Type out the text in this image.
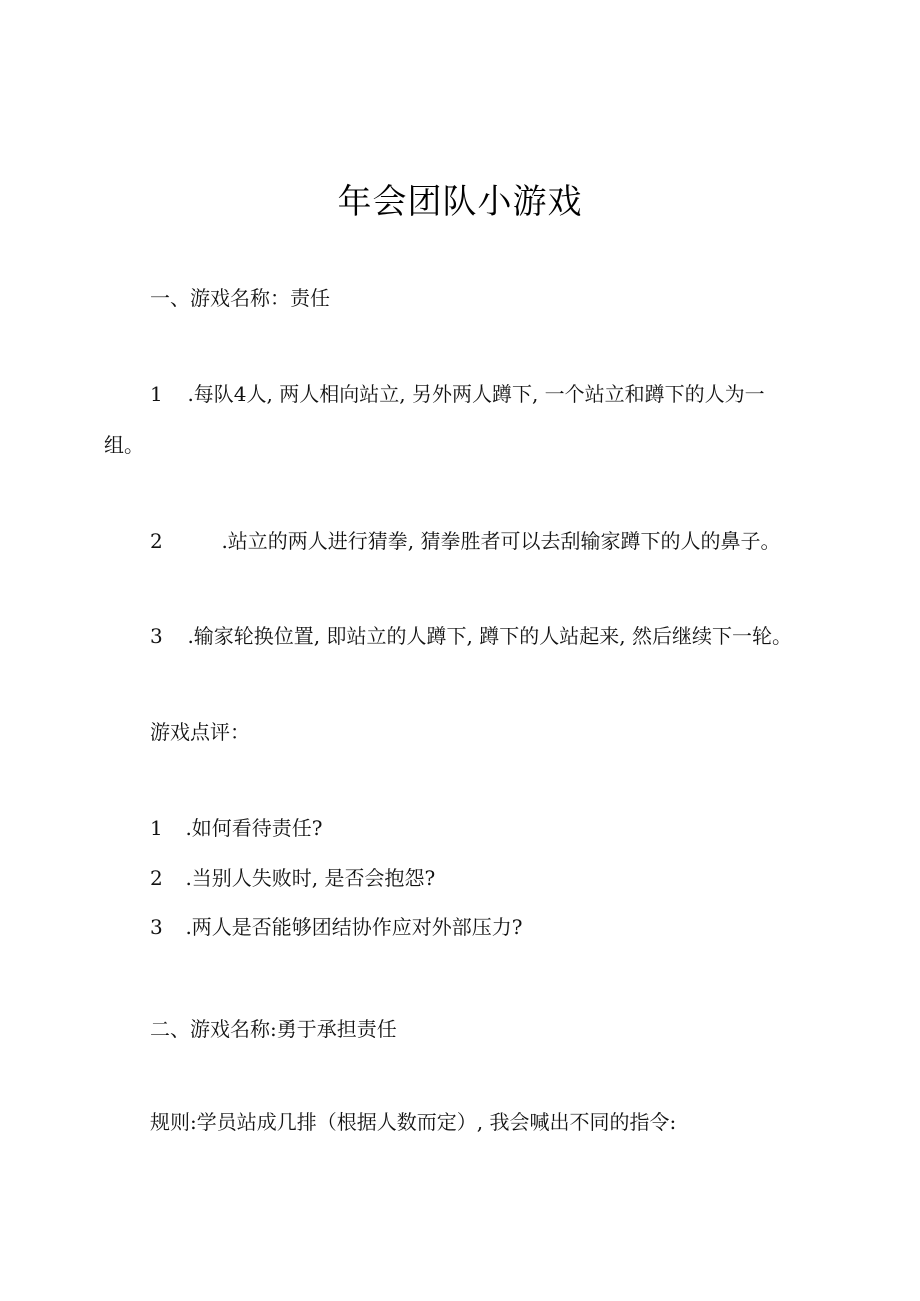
年会团队小游戏
一、游戏名称：责任
1 .每队4人, 两人相向站立, 另外两人蹲下, 一个站立和蹲下的人为一
组。
2	.站立的两人进行猜拳, 猜拳胜者可以去刮输家蹲下的人的鼻子。
3 .输家轮换位置, 即站立的人蹲下, 蹲下的人站起来, 然后继续下一轮。
游戏点评：
1 .如何看待责任?
2 .当别人失败时, 是否会抱怨?
3 .两人是否能够团结协作应对外部压力?
二、游戏名称:勇于承担责任
规则:学员站成几排（根据人数而定）, 我会喊出不同的指令:
